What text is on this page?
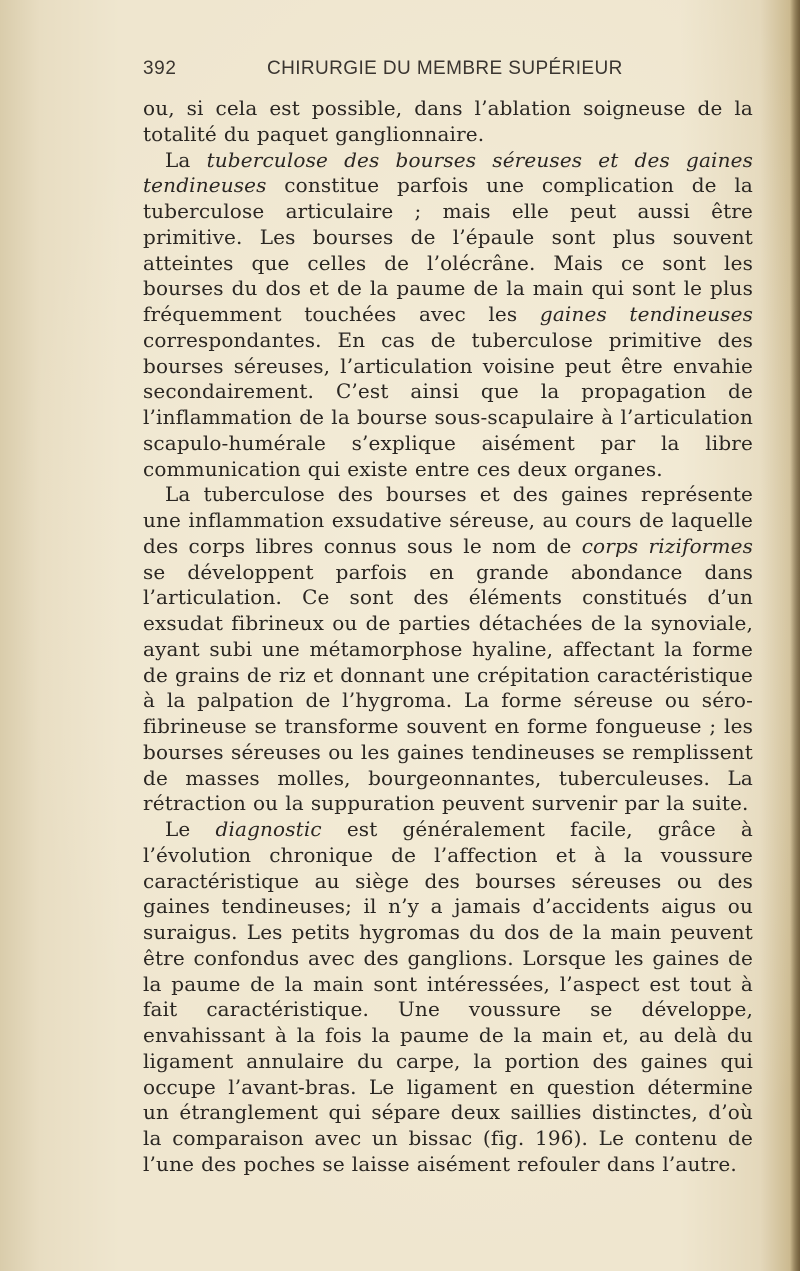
392	CHIRURGIE DU MEMBRE SUPÉRIEUR

ou, si cela est possible, dans l’ablation soigneuse de la totalité du paquet ganglionnaire.

La tuberculose des bourses séreuses et des gaines tendineuses constitue parfois une complication de la tuberculose articulaire ; mais elle peut aussi être primitive. Les bourses de l’épaule sont plus souvent atteintes que celles de l’olécrâne. Mais ce sont les bourses du dos et de la paume de la main qui sont le plus fréquemment touchées avec les gaines tendineuses correspondantes. En cas de tuberculose primitive des bourses séreuses, l’articulation voisine peut être envahie secondairement. C’est ainsi que la propagation de l’inflammation de la bourse sous-scapulaire à l’articulation scapulo-humérale s’explique aisément par la libre communication qui existe entre ces deux organes.

La tuberculose des bourses et des gaines représente une inflammation exsudative séreuse, au cours de laquelle des corps libres connus sous le nom de corps riziformes se développent parfois en grande abondance dans l’articulation. Ce sont des éléments constitués d’un exsudat fibrineux ou de parties détachées de la synoviale, ayant subi une métamorphose hyaline, affectant la forme de grains de riz et donnant une crépitation caractéristique à la palpation de l’hygroma. La forme séreuse ou séro-fibrineuse se transforme souvent en forme fongueuse ; les bourses séreuses ou les gaines tendineuses se remplissent de masses molles, bourgeonnantes, tuberculeuses. La rétraction ou la suppuration peuvent survenir par la suite.

Le diagnostic est généralement facile, grâce à l’évolution chronique de l’affection et à la voussure caractéristique au siège des bourses séreuses ou des gaines tendineuses; il n’y a jamais d’accidents aigus ou suraigus. Les petits hygromas du dos de la main peuvent être confondus avec des ganglions. Lorsque les gaines de la paume de la main sont intéressées, l’aspect est tout à fait caractéristique. Une voussure se développe, envahissant à la fois la paume de la main et, au delà du ligament annulaire du carpe, la portion des gaines qui occupe l’avant-bras. Le ligament en question détermine un étranglement qui sépare deux saillies distinctes, d’où la comparaison avec un bissac (fig. 196). Le contenu de l’une des poches se laisse aisément refouler dans l’autre.
